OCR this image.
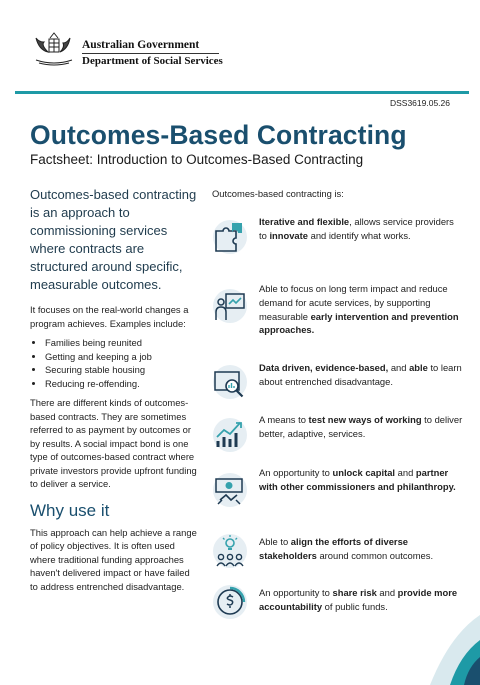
Australian Government
Department of Social Services
DSS3619.05.26
Outcomes-Based Contracting
Factsheet: Introduction to Outcomes-Based Contracting

Outcomes-based contracting is an approach to commissioning services where contracts are structured around specific, measurable outcomes.

It focuses on the real-world changes a program achieves. Examples include:

• Families being reunited
• Getting and keeping a job
• Securing stable housing
• Reducing re-offending.

There are different kinds of outcomes-based contracts. They are sometimes referred to as payment by outcomes or by results. A social impact bond is one type of outcomes-based contract where private investors provide upfront funding to deliver a service.

Why use it

This approach can help achieve a range of policy objectives. It is often used where traditional funding approaches haven't delivered impact or have failed to address entrenched disadvantage.

Outcomes-based contracting is:
Iterative and flexible, allows service providers to innovate and identify what works.
Able to focus on long term impact and reduce demand for acute services, by supporting measurable early intervention and prevention approaches.
Data driven, evidence-based, and able to learn about entrenched disadvantage.
A means to test new ways of working to deliver better, adaptive, services.
An opportunity to unlock capital and partner with other commissioners and philanthropy.
Able to align the efforts of diverse stakeholders around common outcomes.
An opportunity to share risk and provide more accountability of public funds.
